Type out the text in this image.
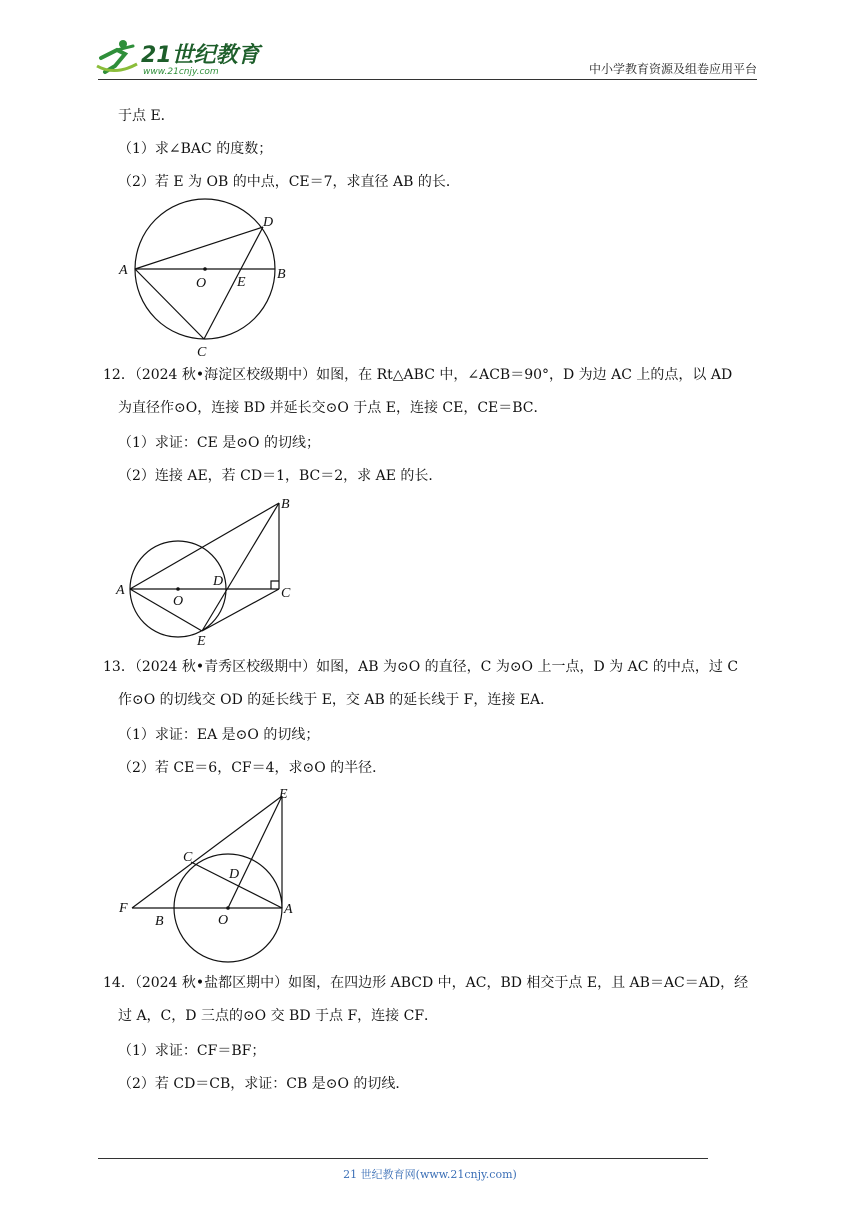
21世纪教育
www.21cnjy.com	中小学教育资源及组卷应用平台
于点 E．
（1）求∠BAC 的度数；
（2）若 E 为 OB 的中点，CE＝7，求直径 AB 的长．
A	B
C
D
E
O
12．（2024 秋•海淀区校级期中）如图，在 Rt△ABC 中，∠ACB＝90°，D 为边 AC 上的点，以 AD
为直径作⊙O，连接 BD 并延长交⊙O 于点 E，连接 CE，CE＝BC．
（1）求证：CE 是⊙O 的切线；
（2）连接 AE，若 CD＝1，BC＝2，求 AE 的长．
A
B
C
D
E
O
13．（2024 秋•青秀区校级期中）如图，AB 为⊙O 的直径，C 为⊙O 上一点，D 为 AC 的中点，过 C
作⊙O 的切线交 OD 的延长线于 E，交 AB 的延长线于 F，连接 EA．
（1）求证：EA 是⊙O 的切线；
（2）若 CE＝6，CF＝4，求⊙O 的半径．
F
B
C
D
E
A
O
14．（2024 秋•盐都区期中）如图，在四边形 ABCD 中，AC，BD 相交于点 E，且 AB＝AC＝AD，经
过 A，C，D 三点的⊙O 交 BD 于点 F，连接 CF．
（1）求证：CF＝BF；
（2）若 CD＝CB，求证：CB 是⊙O 的切线．
21 世纪教育网(www.21cnjy.com)
